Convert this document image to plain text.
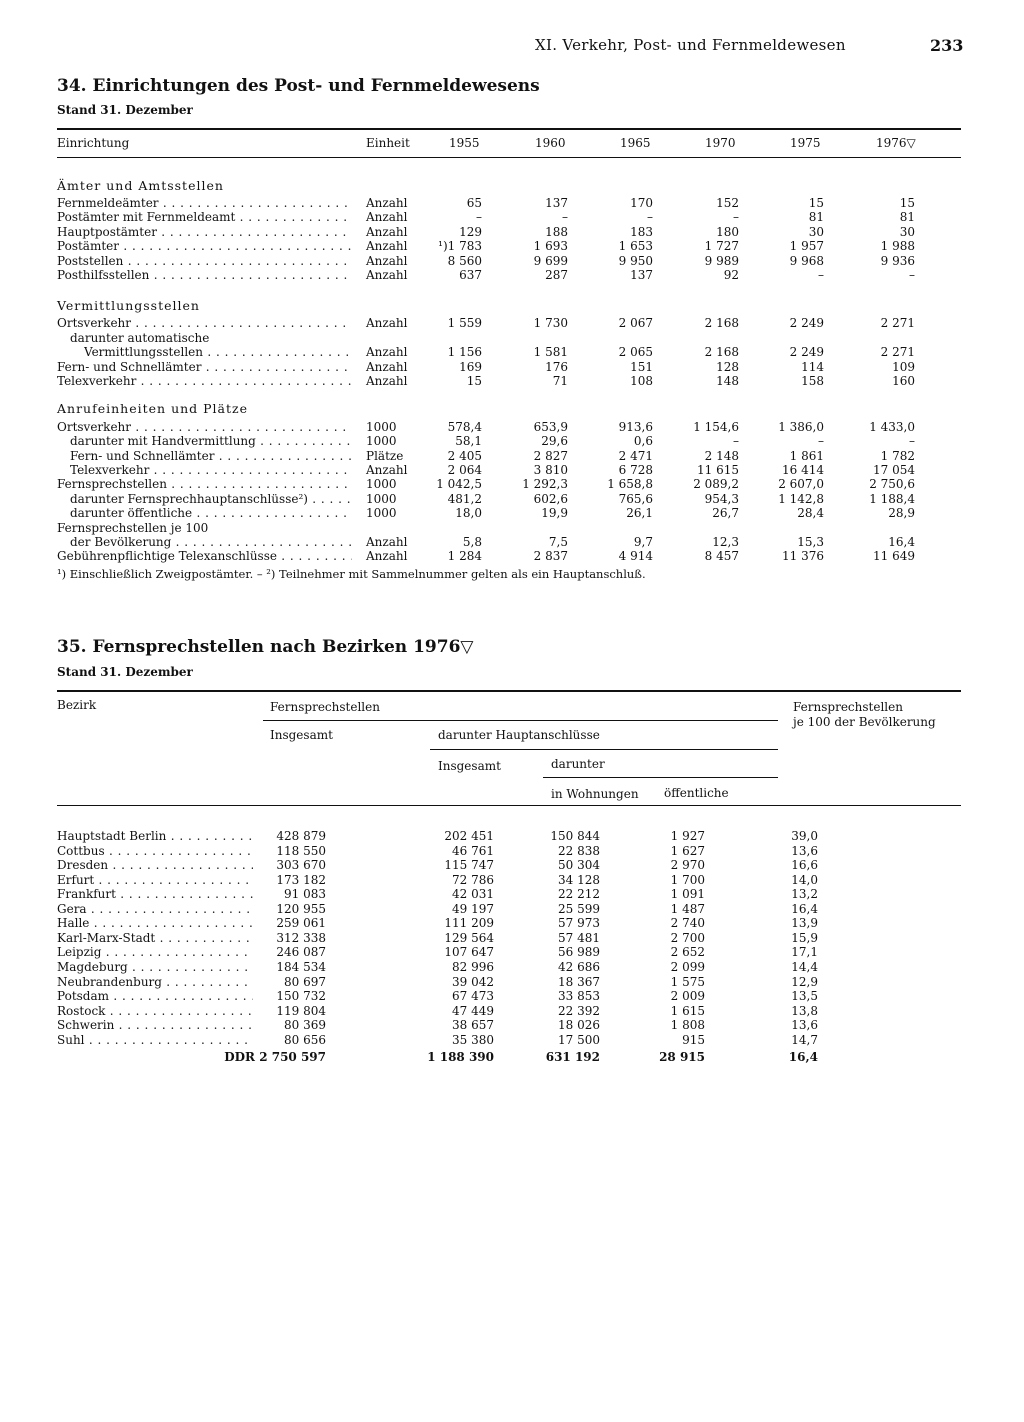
XI. Verkehr, Post- und Fernmeldewesen	233
34. Einrichtungen des Post- und Fernmeldewesens
Stand 31. Dezember
Einrichtung	Einheit	1955	1960	1965	1970	1975	1976▽
Ämter und Amtsstellen
Vermittlungsstellen
Anrufeinheiten und Plätze
Fernmeldeämter . . .	Anzahl	65	137	170	152	15	15
Postämter mit Fernmeldeamt . . .	Anzahl	–	–	–	–	81	81
Hauptpostämter . . .	Anzahl	129	188	183	180	30	30
Postämter . . .	Anzahl	¹)1 783	1 693	1 653	1 727	1 957	1 988
Poststellen . . .	Anzahl	8 560	9 699	9 950	9 989	9 968	9 936
Posthilfsstellen . . .	Anzahl	637	287	137	92	–	–
Ortsverkehr . . .	Anzahl	1 559	1 730	2 067	2 168	2 249	2 271
darunter automatische
Vermittlungsstellen . . .	Anzahl	1 156	1 581	2 065	2 168	2 249	2 271
Fern- und Schnellämter . . .	Anzahl	169	176	151	128	114	109
Telexverkehr . . .	Anzahl	15	71	108	148	158	160
Ortsverkehr . . .	1000	578,4	653,9	913,6	1 154,6	1 386,0	1 433,0
darunter mit Handvermittlung . . .	1000	58,1	29,6	0,6	–	–	–
Fern- und Schnellämter . . .	Plätze	2 405	2 827	2 471	2 148	1 861	1 782
Telexverkehr . . .	Anzahl	2 064	3 810	6 728	11 615	16 414	17 054
Fernsprechstellen . . .	1000	1 042,5	1 292,3	1 658,8	2 089,2	2 607,0	2 750,6
darunter Fernsprechhauptanschlüsse²) . . .	1000	481,2	602,6	765,6	954,3	1 142,8	1 188,4
darunter öffentliche . . .	1000	18,0	19,9	26,1	26,7	28,4	28,9
Fernsprechstellen je 100
der Bevölkerung . . .	Anzahl	5,8	7,5	9,7	12,3	15,3	16,4
Gebührenpflichtige Telexanschlüsse . . .	Anzahl	1 284	2 837	4 914	8 457	11 376	11 649
¹) Einschließlich Zweigpostämter. – ²) Teilnehmer mit Sammelnummer gelten als ein Hauptanschluß.
35. Fernsprechstellen nach Bezirken 1976▽
Stand 31. Dezember
Bezirk	Fernsprechstellen	Fernsprechstellen
je 100 der Bevölkerung
Insgesamt	darunter Hauptanschlüsse
Insgesamt	darunter
in Wohnungen öffentliche
Hauptstadt Berlin . . .	428 879	202 451	150 844	1 927	39,0
Cottbus . . .	118 550	46 761	22 838	1 627	13,6
Dresden . . .	303 670	115 747	50 304	2 970	16,6
Erfurt . . .	173 182	72 786	34 128	1 700	14,0
Frankfurt . . .	91 083	42 031	22 212	1 091	13,2
Gera . . .	120 955	49 197	25 599	1 487	16,4
Halle . . .	259 061	111 209	57 973	2 740	13,9
Karl-Marx-Stadt . . .	312 338	129 564	57 481	2 700	15,9
Leipzig . . .	246 087	107 647	56 989	2 652	17,1
Magdeburg . . .	184 534	82 996	42 686	2 099	14,4
Neubrandenburg . . .	80 697	39 042	18 367	1 575	12,9
Potsdam . . .	150 732	67 473	33 853	2 009	13,5
Rostock . . .	119 804	47 449	22 392	1 615	13,8
Schwerin . . .	80 369	38 657	18 026	1 808	13,6
Suhl . . .	80 656	35 380	17 500	915	14,7
DDR 2 750 597	1 188 390	631 192	28 915	16,4
